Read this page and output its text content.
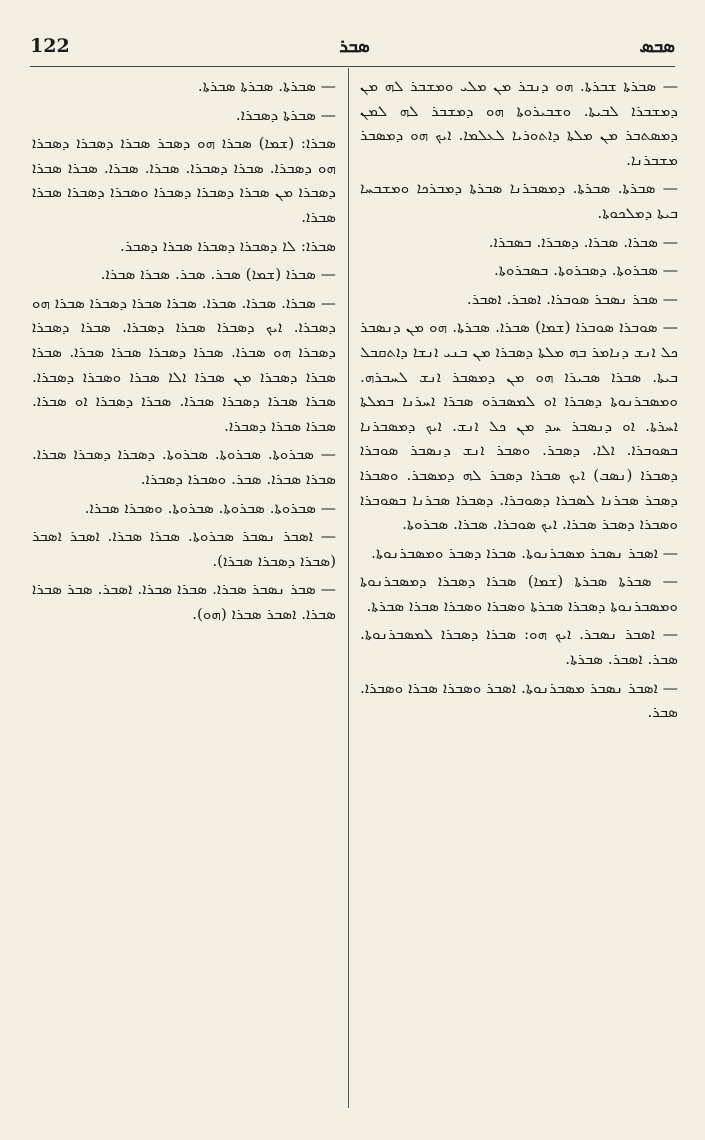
122	ܣܒܪ	ܣܒܣ

— ܣܒܪܬܐ ܫܒܪܬܐ. ܗܘ ܕܢܒܪ ܡܢ ܡܠܝ ܘܡܫܒܪ ܠܗ ܡܢ ܕܡܫܒܪܐ ܠܒܝܬܐ. ܘܫܒܝܪܘܬܐ ܗܘ ܕܡܫܒܪ ܠܗ ܠܡܢ ܕܡܣܬܒܪ ܡܢ ܡܠܬܐ ܕܐܬܘܪܝܐ ܠܥܠܡܐ. ܐܝܟ ܗܘ ܕܡܣܒܪ ܡܫܒܪܢܐ.

— ܣܒܪܬܐ. ܣܒܪܬܐ. ܕܡܣܒܪܢܐ ܣܒܪܬܐ ܕܡܒܪܟܐ ܘܡܫܒܚܐ ܒܝܬܐ ܕܡܠܟܘܬܐ.

— ܣܒܪܐ. ܣܒܪܐ. ܕܣܒܪܐ. ܒܣܒܪܐ.

— ܣܒܪܘܬܐ. ܕܣܒܪܘܬܐ. ܒܣܒܪܘܬܐ.

— ܣܒܪ ܢܣܒܪ ܣܘܒܪܐ. ܐܣܒܪ. ܐܣܒܪ.

— ܣܘܒܪܐ ܣܘܒܪܐ (ܫܡܐ) ܣܒܪܐ. ܣܒܪܬܐ. ܗܘ ܡܢ ܕܢܣܒܪ ܟܠ ܐܢܫ ܕܢܐܡܪ ܒܗ ܡܠܬܐ ܕܣܒܪܐ ܡܢ ܒܢܝ ܐܢܫܐ ܕܐܬܩܒܠ ܒܝܬܐ. ܣܒܪܐ ܣܒܝܪܐ ܗܘ ܡܢ ܕܡܣܒܪ ܐܢܫ ܠܚܒܪܗ. ܘܡܣܒܪܢܘܬܐ ܕܣܒܪܐ ܐܘ ܠܡܣܒܪܘ ܣܒܪܐ ܐܚܪܢܐ ܒܡܠܬܐ ܐܚܪܬܐ. ܐܘ ܕܢܣܒܪ ܚܕ ܡܢ ܟܠ ܐܢܫ. ܐܝܟ ܕܡܣܒܪܢܐ ܒܣܘܒܪܐ. ܐܠܐ. ܕܣܒܪ. ܘܣܒܪ ܐܢܫ ܕܢܣܒܪ ܣܘܒܪܐ ܕܣܒܪܐ (ܢܣܒ) ܐܝܟ ܣܒܪܐ ܕܣܒܪ ܠܗ ܕܡܣܒܪ. ܘܣܒܪܐ ܕܣܒܪ ܣܒܪܢܐ ܠܣܒܪܐ ܕܣܘܒܪܐ. ܕܣܒܪܐ ܣܒܪܢܐ ܒܣܘܒܪܐ ܘܣܒܪܐ ܕܣܒܪ ܣܒܪܐ. ܐܝܟ ܣܘܒܪܐ. ܣܒܪܐ. ܣܒܪܘܬܐ.

— ܐܣܒܪ ܢܣܒܪ ܡܣܒܪܢܘܬܐ. ܣܒܪܐ ܕܣܒܪ ܘܡܣܒܪܢܘܬܐ.

— ܣܒܪܬܐ ܣܒܪܬܐ (ܫܡܐ) ܣܒܪܐ ܕܣܒܪܐ ܕܡܣܒܪܢܘܬܐ ܘܡܣܒܪܢܘܬܐ ܕܣܒܪܐ ܣܒܪܬܐ ܘܣܒܪܐ ܘܣܒܪܐ ܣܒܪܐ ܣܒܪܬܐ.

— ܐܣܒܪ ܢܣܒܪ. ܐܝܟ ܗܘ: ܣܒܪܐ ܕܣܒܪܐ ܠܡܣܒܪܢܘܬܐ. ܣܒܪ. ܐܣܒܪ. ܣܒܪܬܐ.

— ܐܣܒܪ ܢܣܒܪ ܡܣܒܪܢܘܬܐ. ܐܣܒܪ ܘܣܒܪܐ ܣܒܪܐ ܘܣܒܪܐ. ܣܒܪ.

— ܣܒܪܬܐ. ܣܒܪܬܐ ܣܒܪܬܐ.

— ܣܒܪܬܐ ܕܣܒܪܐ.

ܣܒܪܐ: (ܫܡܐ) ܣܒܪܐ ܗܘ ܕܣܒܪ ܣܒܪܐ ܕܣܒܪܐ ܕܣܒܪܐ ܗܘ ܕܣܒܪܐ. ܣܒܪܐ ܕܣܒܪܐ. ܣܒܪܐ. ܣܒܪܐ. ܣܒܪܐ ܣܒܪܐ ܕܣܒܪܐ ܡܢ ܣܒܪܐ ܕܣܒܪܐ ܕܣܒܪܐ ܘܣܒܪܐ ܕܣܒܪܐ ܣܒܪܐ ܣܒܪܐ.

ܣܒܪܐ: ܠܐ ܕܣܒܪܐ ܕܣܒܪܐ ܣܒܪܐ ܕܣܒܪ.

— ܣܒܪܐ (ܫܡܐ) ܣܒܪ. ܣܒܪ. ܣܒܪܐ ܣܒܪܐ.

— ܣܒܪܐ. ܣܒܪܐ. ܣܒܪܐ. ܣܒܪܐ ܣܒܪܐ ܕܣܒܪܐ ܣܒܪܐ ܗܘ ܕܣܒܪܐ. ܐܝܟ ܕܣܒܪܐ ܣܒܪܐ ܕܣܒܪܐ. ܣܒܪܐ ܕܣܒܪܐ ܕܣܒܪܐ ܗܘ ܣܒܪܐ. ܣܒܪܐ ܕܣܒܪܐ ܣܒܪܐ ܣܒܪܐ. ܣܒܪܐ ܣܒܪܐ ܕܣܒܪܐ ܡܢ ܣܒܪܐ ܐܠܐ ܣܒܪܐ ܘܣܒܪܐ ܕܣܒܪܐ. ܣܒܪܐ ܣܒܪܐ ܕܣܒܪܐ ܣܒܪܐ. ܣܒܪܐ ܕܣܒܪܐ ܐܘ ܣܒܪܐ. ܣܒܪܐ ܣܒܪܐ ܕܣܒܪܐ.

— ܣܒܪܘܬܐ. ܣܒܪܘܬܐ. ܣܒܪܘܬܐ. ܕܣܒܪܐ ܕܣܒܪܐ ܣܒܪܐ. ܣܒܪܐ ܣܒܪܐ. ܣܒܪ. ܘܣܒܪܐ ܕܣܒܪܐ.

— ܣܒܪܘܬܐ. ܣܒܪܘܬܐ. ܣܒܪܘܬܐ. ܘܣܒܪܐ ܣܒܪܐ.

— ܐܣܒܪ ܢܣܒܪ ܣܒܪܘܬܐ. ܣܒܪܐ ܣܒܪܐ. ܐܣܒܪ ܐܣܒܪ (ܣܒܪܐ ܕܣܒܪܐ ܣܒܪܐ).

— ܣܒܪ ܢܣܒܪ ܣܒܪܐ. ܣܒܪܐ ܣܒܪܐ. ܐܣܒܪ. ܣܒܪ ܣܒܪܐ ܣܒܪܐ. ܐܣܒܪ ܣܒܪܐ (ܗܘ).
